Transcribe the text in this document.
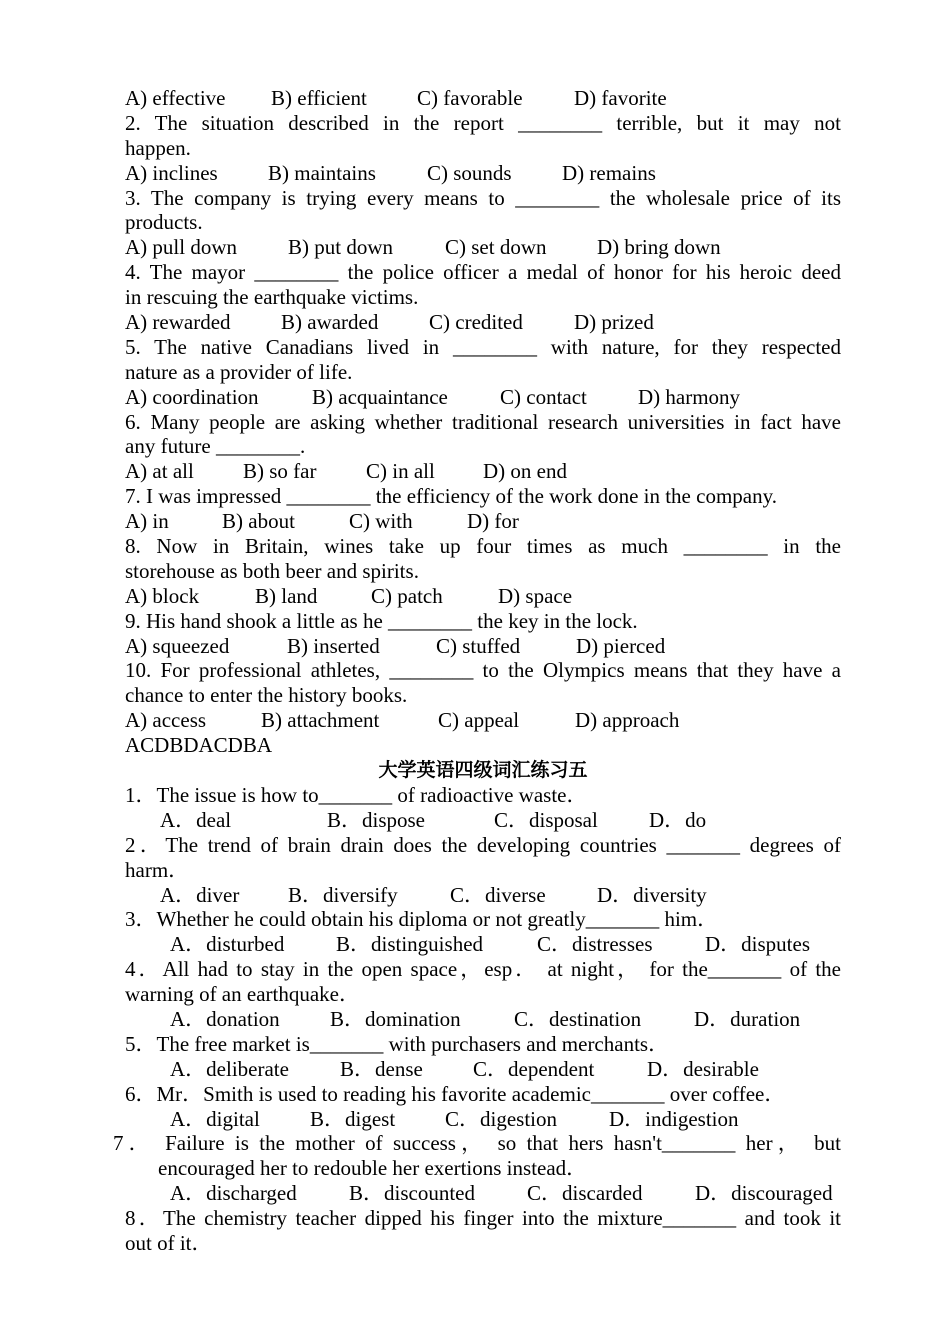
A) effective	B) efficient	C) favorable	D) favorite
2. The situation described in the report ________ terrible, but it may not
happen.
A) inclines	B) maintains	C) sounds	D) remains
3. The company is trying every means to ________ the wholesale price of its
products.
A) pull down	B) put down	C) set down	D) bring down
4. The mayor ________ the police officer a medal of honor for his heroic deed
in rescuing the earthquake victims.
A) rewarded	B) awarded	C) credited	D) prized
5. The native Canadians lived in ________ with nature, for they respected
nature as a provider of life.
A) coordination	B) acquaintance	C) contact	D) harmony
6. Many people are asking whether traditional research universities in fact have
any future ________.
A) at all	B) so far	C) in all	D) on end
7. I was impressed ________ the efficiency of the work done in the company.
A) in	B) about	C) with	D) for
8. Now in Britain, wines take up four times as much ________ in the
storehouse as both beer and spirits.
A) block	B) land	C) patch	D) space
9. His hand shook a little as he ________ the key in the lock.
A) squeezed	B) inserted	C) stuffed	D) pierced
10. For professional athletes, ________ to the Olympics means that they have a
chance to enter the history books.
A) access	B) attachment	C) appeal	D) approach
ACDBDACDBA
大学英语四级词汇练习五
1．The issue is how to_______ of radioactive waste．
A．deal	B．dispose	C．disposal	D．do
2．The trend of brain drain does the developing countries _______ degrees of
harm．
A．diver	B．diversify	C．diverse	D．diversity
3．Whether he could obtain his diploma or not greatly_______ him．
A．disturbed	B．distinguished	C．distresses	D．disputes
4．All had to stay in the open space，esp． at night， for the_______ of the
warning of an earthquake．
A．donation	B．domination	C．destination	D．duration
5．The free market is_______ with purchasers and merchants．
A．deliberate	B．dense	C．dependent	D．desirable
6．Mr．Smith is used to reading his favorite academic_______ over coffee．
A．digital	B．digest	C．digestion	D．indigestion
7． Failure is the mother of success， so that hers hasn't_______ her， but
encouraged her to redouble her exertions instead．
A．discharged	B．discounted	C．discarded	D．discouraged
8．The chemistry teacher dipped his finger into the mixture_______ and took it
out of it．
